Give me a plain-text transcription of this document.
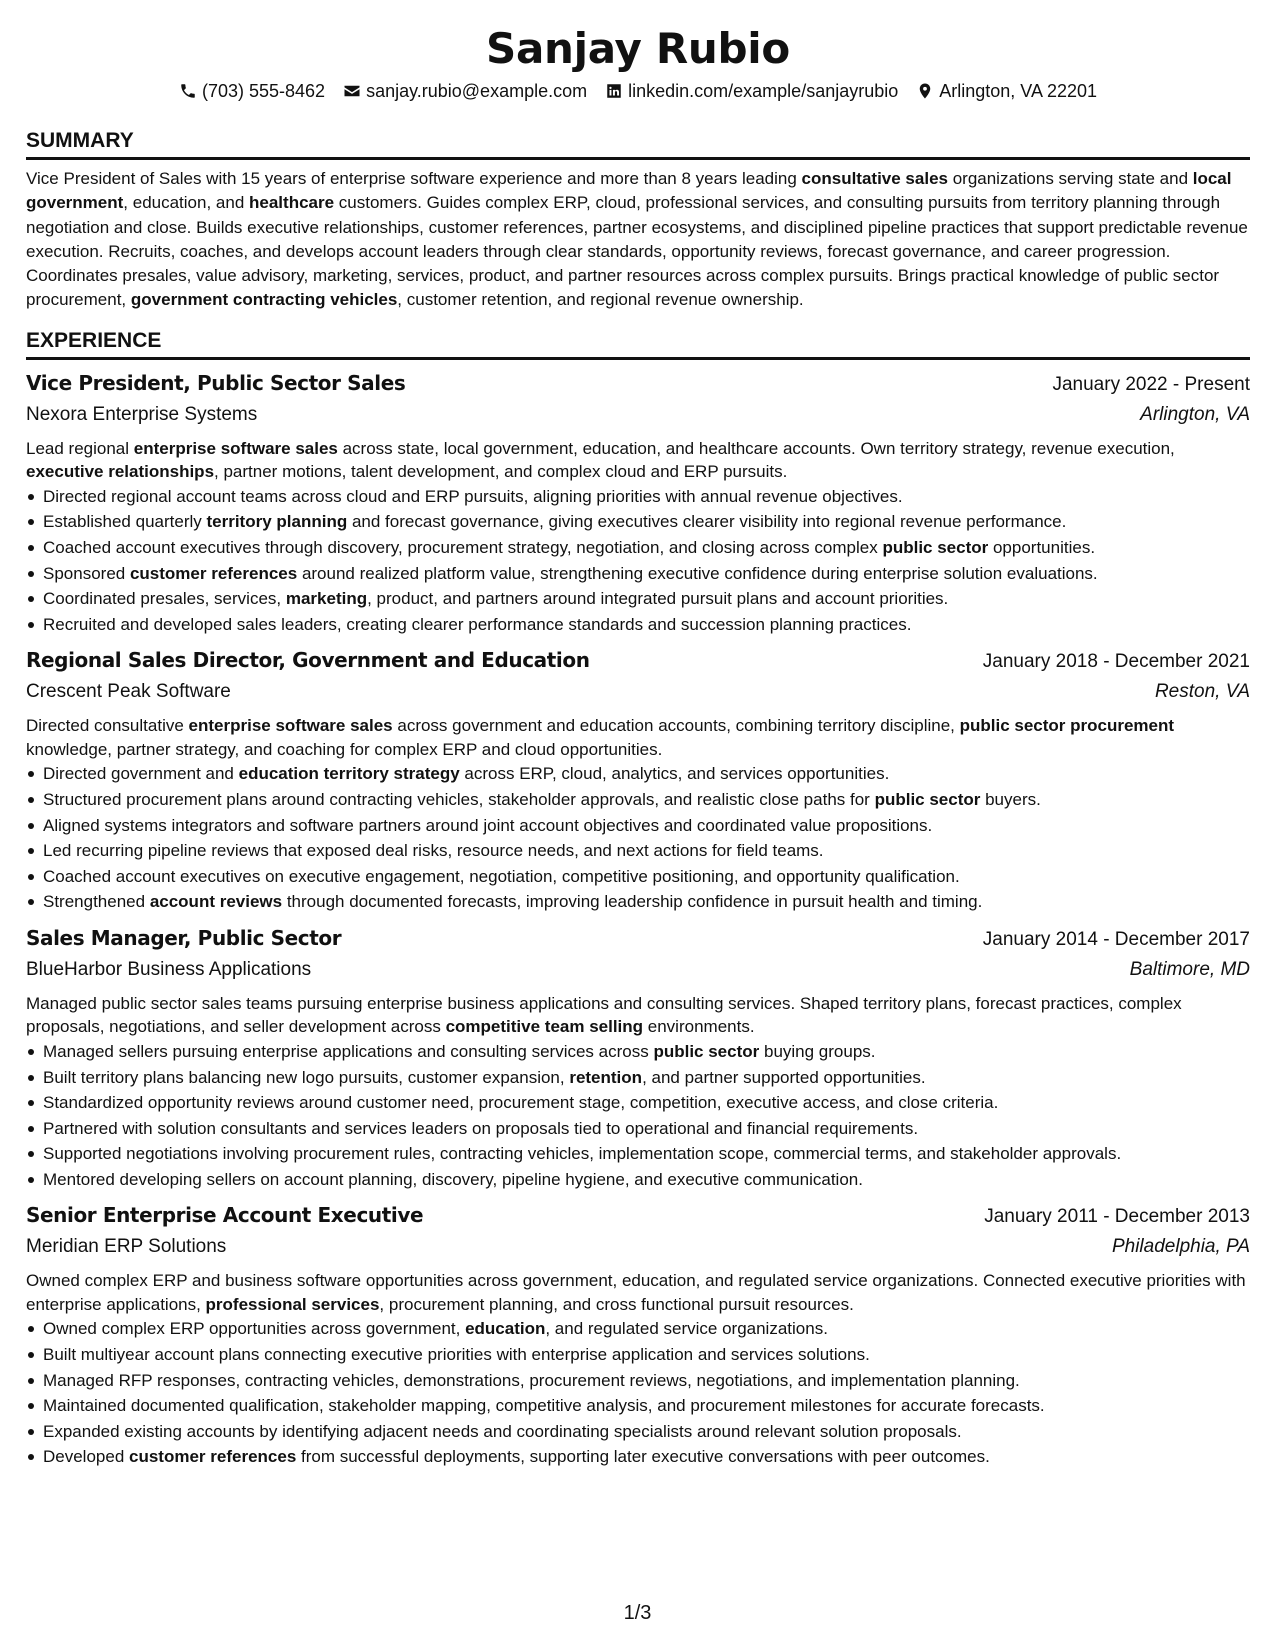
Sanjay Rubio
(703) 555-8462 sanjay.rubio@example.com linkedin.com/example/sanjayrubio Arlington, VA 22201
SUMMARY

Vice President of Sales with 15 years of enterprise software experience and more than 8 years leading consultative sales organizations serving state and local government, education, and healthcare customers. Guides complex ERP, cloud, professional services, and consulting pursuits from territory planning through negotiation and close. Builds executive relationships, customer references, partner ecosystems, and disciplined pipeline practices that support predictable revenue execution. Recruits, coaches, and develops account leaders through clear standards, opportunity reviews, forecast governance, and career progression. Coordinates presales, value advisory, marketing, services, product, and partner resources across complex pursuits. Brings practical knowledge of public sector procurement, government contracting vehicles, customer retention, and regional revenue ownership.

EXPERIENCE
Vice President, Public Sector Sales	January 2022 - Present
Nexora Enterprise Systems	Arlington, VA

Lead regional enterprise software sales across state, local government, education, and healthcare accounts. Own territory strategy, revenue execution, executive relationships, partner motions, talent development, and complex cloud and ERP pursuits.

Directed regional account teams across cloud and ERP pursuits, aligning priorities with annual revenue objectives.
Established quarterly territory planning and forecast governance, giving executives clearer visibility into regional revenue performance.
Coached account executives through discovery, procurement strategy, negotiation, and closing across complex public sector opportunities.
Sponsored customer references around realized platform value, strengthening executive confidence during enterprise solution evaluations.
Coordinated presales, services, marketing, product, and partners around integrated pursuit plans and account priorities.
Recruited and developed sales leaders, creating clearer performance standards and succession planning practices.
Regional Sales Director, Government and Education	January 2018 - December 2021
Crescent Peak Software	Reston, VA

Directed consultative enterprise software sales across government and education accounts, combining territory discipline, public sector procurement knowledge, partner strategy, and coaching for complex ERP and cloud opportunities.

Directed government and education territory strategy across ERP, cloud, analytics, and services opportunities.
Structured procurement plans around contracting vehicles, stakeholder approvals, and realistic close paths for public sector buyers.
Aligned systems integrators and software partners around joint account objectives and coordinated value propositions.
Led recurring pipeline reviews that exposed deal risks, resource needs, and next actions for field teams.
Coached account executives on executive engagement, negotiation, competitive positioning, and opportunity qualification.
Strengthened account reviews through documented forecasts, improving leadership confidence in pursuit health and timing.
Sales Manager, Public Sector	January 2014 - December 2017
BlueHarbor Business Applications	Baltimore, MD

Managed public sector sales teams pursuing enterprise business applications and consulting services. Shaped territory plans, forecast practices, complex proposals, negotiations, and seller development across competitive team selling environments.

Managed sellers pursuing enterprise applications and consulting services across public sector buying groups.
Built territory plans balancing new logo pursuits, customer expansion, retention, and partner supported opportunities.
Standardized opportunity reviews around customer need, procurement stage, competition, executive access, and close criteria.
Partnered with solution consultants and services leaders on proposals tied to operational and financial requirements.
Supported negotiations involving procurement rules, contracting vehicles, implementation scope, commercial terms, and stakeholder approvals.
Mentored developing sellers on account planning, discovery, pipeline hygiene, and executive communication.
Senior Enterprise Account Executive	January 2011 - December 2013
Meridian ERP Solutions	Philadelphia, PA

Owned complex ERP and business software opportunities across government, education, and regulated service organizations. Connected executive priorities with enterprise applications, professional services, procurement planning, and cross functional pursuit resources.

Owned complex ERP opportunities across government, education, and regulated service organizations.
Built multiyear account plans connecting executive priorities with enterprise application and services solutions.
Managed RFP responses, contracting vehicles, demonstrations, procurement reviews, negotiations, and implementation planning.
Maintained documented qualification, stakeholder mapping, competitive analysis, and procurement milestones for accurate forecasts.
Expanded existing accounts by identifying adjacent needs and coordinating specialists around relevant solution proposals.
Developed customer references from successful deployments, supporting later executive conversations with peer outcomes.
1/3
